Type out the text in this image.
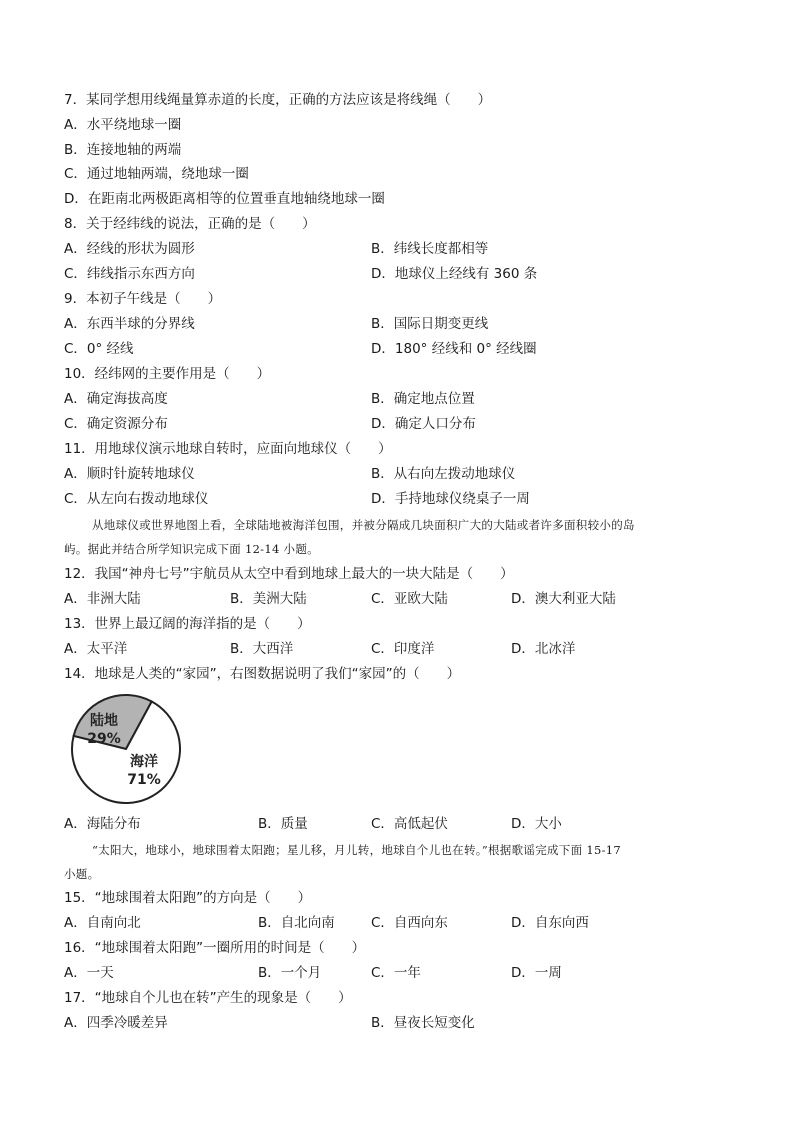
7．某同学想用线绳量算赤道的长度，正确的方法应该是将线绳（　　）
A．水平绕地球一圈
B．连接地轴的两端
C．通过地轴两端，绕地球一圈
D．在距南北两极距离相等的位置垂直地轴绕地球一圈
8．关于经纬线的说法，正确的是（　　）
A．经线的形状为圆形	B．纬线长度都相等
C．纬线指示东西方向	D．地球仪上经线有 360 条
9．本初子午线是（　　）
A．东西半球的分界线	B．国际日期变更线
C．0° 经线	D．180° 经线和 0° 经线圈
10．经纬网的主要作用是（　　）
A．确定海拔高度	B．确定地点位置
C．确定资源分布	D．确定人口分布
11．用地球仪演示地球自转时，应面向地球仪（　　）
A．顺时针旋转地球仪	B．从右向左拨动地球仪
C．从左向右拨动地球仪	D．手持地球仪绕桌子一周
从地球仪或世界地图上看，全球陆地被海洋包围，并被分隔成几块面积广大的大陆或者许多面积较小的岛
屿。据此并结合所学知识完成下面 12-14 小题。
12．我国“神舟七号”宇航员从太空中看到地球上最大的一块大陆是（　　）
A．非洲大陆	B．美洲大陆	C．亚欧大陆	D．澳大利亚大陆
13．世界上最辽阔的海洋指的是（　　）
A．太平洋	B．大西洋	C．印度洋	D．北冰洋
14．地球是人类的“家园”，右图数据说明了我们“家园”的（　　）
陆地
29%
海洋
71%
A．海陆分布	B．质量	C．高低起伏	D．大小
“太阳大，地球小，地球围着太阳跑；星儿移，月儿转，地球自个儿也在转。”根据歌谣完成下面 15-17
小题。
15．“地球围着太阳跑”的方向是（　　）
A．自南向北	B．自北向南	C．自西向东	D．自东向西
16．“地球围着太阳跑”一圈所用的时间是（　　）
A．一天	B．一个月	C．一年	D．一周
17．“地球自个儿也在转”产生的现象是（　　）
A．四季冷暖差异	B．昼夜长短变化
